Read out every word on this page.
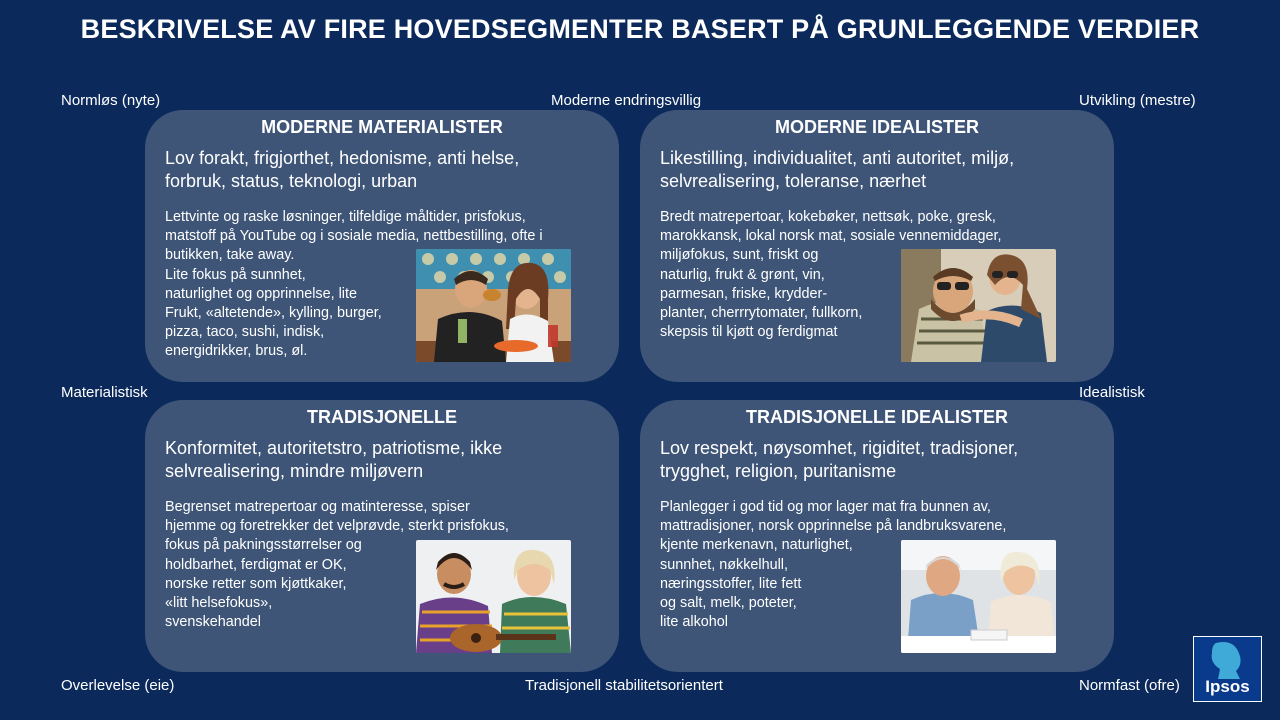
BESKRIVELSE AV FIRE HOVEDSEGMENTER BASERT PÅ GRUNLEGGENDE VERDIER
Normløs (nyte)	Moderne endringsvillig	Utvikling (mestre)
Materialistisk	Idealistisk
Overlevelse (eie)	Tradisjonell stabilitetsorientert	Normfast (ofre)
MODERNE MATERIALISTER
Lov forakt, frigjorthet, hedonisme, anti helse,
forbruk, status, teknologi, urban
Lettvinte og raske løsninger, tilfeldige måltider, prisfokus,
matstoff på YouTube og i sosiale media, nettbestilling, ofte i
butikken, take away.
Lite fokus på sunnhet,
naturlighet og opprinnelse, lite
Frukt, «altetende», kylling, burger,
pizza, taco, sushi, indisk,
energidrikker, brus, øl.
MODERNE IDEALISTER
Likestilling, individualitet, anti autoritet, miljø,
selvrealisering, toleranse, nærhet
Bredt matrepertoar, kokebøker, nettsøk, poke, gresk,
marokkansk, lokal norsk mat, sosiale vennemiddager,
miljøfokus, sunt, friskt og
naturlig, frukt & grønt, vin,
parmesan, friske, krydder-
planter, cherrrytomater, fullkorn,
skepsis til kjøtt og ferdigmat
TRADISJONELLE
Konformitet, autoritetstro, patriotisme, ikke
selvrealisering, mindre miljøvern
Begrenset matrepertoar og matinteresse, spiser
hjemme og foretrekker det velprøvde, sterkt prisfokus,
fokus på pakningsstørrelser og
holdbarhet, ferdigmat er OK,
norske retter som kjøttkaker,
«litt helsefokus»,
svenskehandel
TRADISJONELLE IDEALISTER
Lov respekt, nøysomhet, rigiditet, tradisjoner,
trygghet, religion, puritanisme
Planlegger i god tid og mor lager mat fra bunnen av,
mattradisjoner, norsk opprinnelse på landbruksvarene,
kjente merkenavn, naturlighet,
sunnhet, nøkkelhull,
næringsstoffer, lite fett
og salt, melk, poteter,
lite alkohol
Ipsos
